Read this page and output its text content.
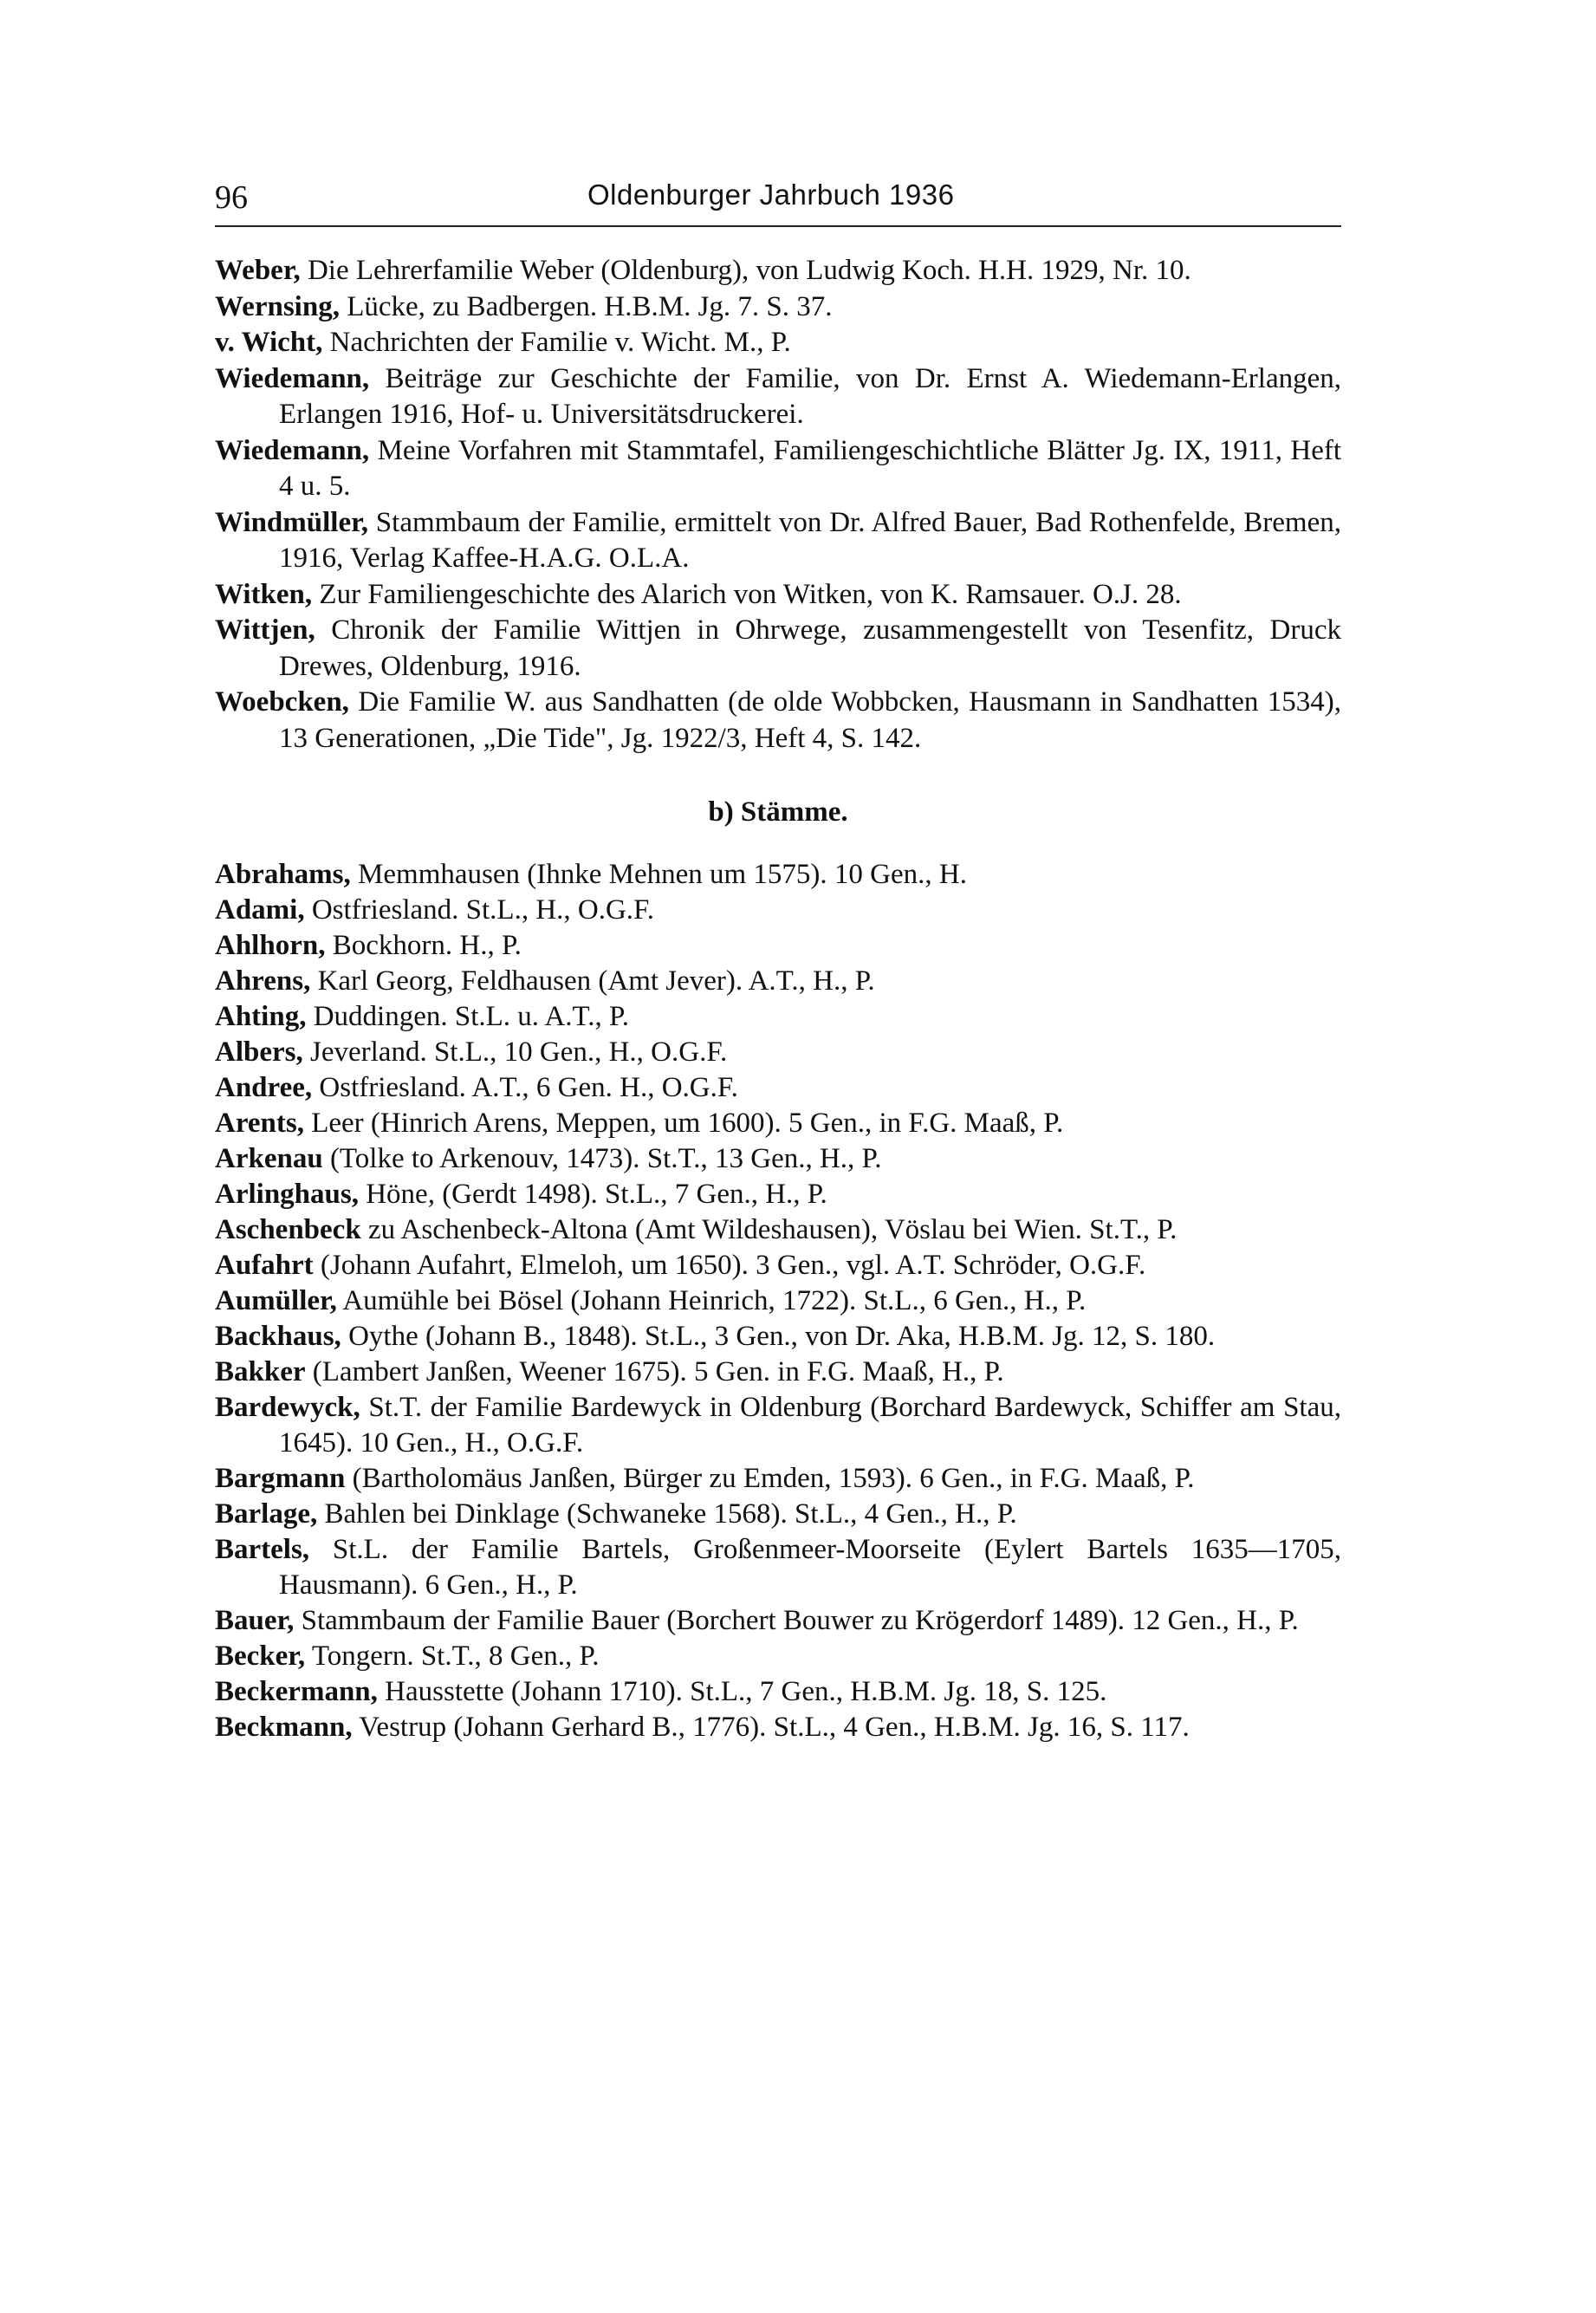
96	Oldenburger Jahrbuch 1936

Weber, Die Lehrerfamilie Weber (Oldenburg), von Ludwig Koch. H.H. 1929, Nr. 10.

Wernsing, Lücke, zu Badbergen. H.B.M. Jg. 7. S. 37.

v. Wicht, Nachrichten der Familie v. Wicht. M., P.

Wiedemann, Beiträge zur Geschichte der Familie, von Dr. Ernst A. Wiedemann-Erlangen, Erlangen 1916, Hof- u. Universitätsdruckerei.

Wiedemann, Meine Vorfahren mit Stammtafel, Familiengeschichtliche Blätter Jg. IX, 1911, Heft 4 u. 5.

Windmüller, Stammbaum der Familie, ermittelt von Dr. Alfred Bauer, Bad Rothenfelde, Bremen, 1916, Verlag Kaffee-H.A.G. O.L.A.

Witken, Zur Familiengeschichte des Alarich von Witken, von K. Ramsauer. O.J. 28.

Wittjen, Chronik der Familie Wittjen in Ohrwege, zusammengestellt von Tesenfitz, Druck Drewes, Oldenburg, 1916.

Woebcken, Die Familie W. aus Sandhatten (de olde Wobbcken, Hausmann in Sandhatten 1534), 13 Generationen, „Die Tide", Jg. 1922/3, Heft 4, S. 142.

b) Stämme.

Abrahams, Memmhausen (Ihnke Mehnen um 1575). 10 Gen., H.

Adami, Ostfriesland. St.L., H., O.G.F.

Ahlhorn, Bockhorn. H., P.

Ahrens, Karl Georg, Feldhausen (Amt Jever). A.T., H., P.

Ahting, Duddingen. St.L. u. A.T., P.

Albers, Jeverland. St.L., 10 Gen., H., O.G.F.

Andree, Ostfriesland. A.T., 6 Gen. H., O.G.F.

Arents, Leer (Hinrich Arens, Meppen, um 1600). 5 Gen., in F.G. Maaß, P.

Arkenau (Tolke to Arkenouv, 1473). St.T., 13 Gen., H., P.

Arlinghaus, Höne, (Gerdt 1498). St.L., 7 Gen., H., P.

Aschenbeck zu Aschenbeck-Altona (Amt Wildeshausen), Vöslau bei Wien. St.T., P.

Aufahrt (Johann Aufahrt, Elmeloh, um 1650). 3 Gen., vgl. A.T. Schröder, O.G.F.

Aumüller, Aumühle bei Bösel (Johann Heinrich, 1722). St.L., 6 Gen., H., P.

Backhaus, Oythe (Johann B., 1848). St.L., 3 Gen., von Dr. Aka, H.B.M. Jg. 12, S. 180.

Bakker (Lambert Janßen, Weener 1675). 5 Gen. in F.G. Maaß, H., P.

Bardewyck, St.T. der Familie Bardewyck in Oldenburg (Borchard Bardewyck, Schiffer am Stau, 1645). 10 Gen., H., O.G.F.

Bargmann (Bartholomäus Janßen, Bürger zu Emden, 1593). 6 Gen., in F.G. Maaß, P.

Barlage, Bahlen bei Dinklage (Schwaneke 1568). St.L., 4 Gen., H., P.

Bartels, St.L. der Familie Bartels, Großenmeer-Moorseite (Eylert Bartels 1635—1705, Hausmann). 6 Gen., H., P.

Bauer, Stammbaum der Familie Bauer (Borchert Bouwer zu Krögerdorf 1489). 12 Gen., H., P.

Becker, Tongern. St.T., 8 Gen., P.

Beckermann, Hausstette (Johann 1710). St.L., 7 Gen., H.B.M. Jg. 18, S. 125.

Beckmann, Vestrup (Johann Gerhard B., 1776). St.L., 4 Gen., H.B.M. Jg. 16, S. 117.
